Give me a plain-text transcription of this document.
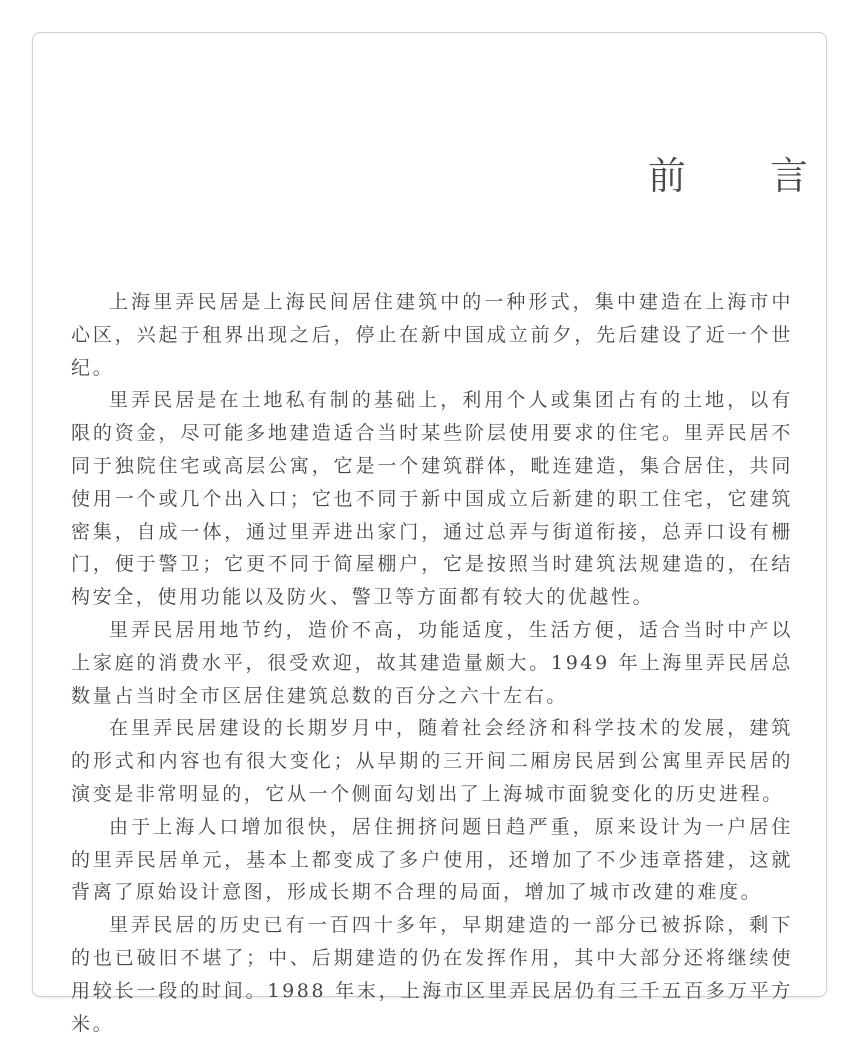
前 言

上海里弄民居是上海民间居住建筑中的一种形式，集中建造在上海市中心区，兴起于租界出现之后，停止在新中国成立前夕，先后建设了近一个世纪。

里弄民居是在土地私有制的基础上，利用个人或集团占有的土地，以有限的资金，尽可能多地建造适合当时某些阶层使用要求的住宅。里弄民居不同于独院住宅或高层公寓，它是一个建筑群体，毗连建造，集合居住，共同使用一个或几个出入口；它也不同于新中国成立后新建的职工住宅，它建筑密集，自成一体，通过里弄进出家门，通过总弄与街道衔接，总弄口设有栅门，便于警卫；它更不同于简屋棚户，它是按照当时建筑法规建造的，在结构安全，使用功能以及防火、警卫等方面都有较大的优越性。

里弄民居用地节约，造价不高，功能适度，生活方便，适合当时中产以上家庭的消费水平，很受欢迎，故其建造量颇大。1949 年上海里弄民居总数量占当时全市区居住建筑总数的百分之六十左右。

在里弄民居建设的长期岁月中，随着社会经济和科学技术的发展，建筑的形式和内容也有很大变化；从早期的三开间二厢房民居到公寓里弄民居的演变是非常明显的，它从一个侧面勾划出了上海城市面貌变化的历史进程。

由于上海人口增加很快，居住拥挤问题日趋严重，原来设计为一户居住的里弄民居单元，基本上都变成了多户使用，还增加了不少违章搭建，这就背离了原始设计意图，形成长期不合理的局面，增加了城市改建的难度。

里弄民居的历史已有一百四十多年，早期建造的一部分已被拆除，剩下的也已破旧不堪了；中、后期建造的仍在发挥作用，其中大部分还将继续使用较长一段的时间。1988 年末，上海市区里弄民居仍有三千五百多万平方米。
